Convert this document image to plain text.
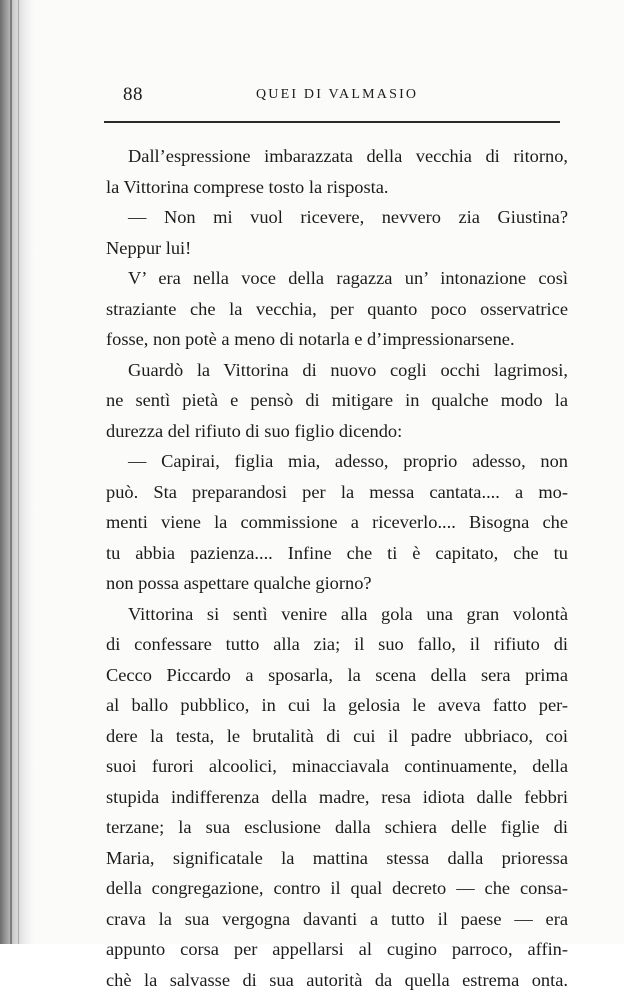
88	QUEI DI VALMASIO
Dall’espressione imbarazzata della vecchia di ritorno,
la Vittorina comprese tosto la risposta.
— Non mi vuol ricevere, nevvero zia Giustina?
Neppur lui!
V’ era nella voce della ragazza un’ intonazione così
straziante che la vecchia, per quanto poco osservatrice
fosse, non potè a meno di notarla e d’impressionarsene.
Guardò la Vittorina di nuovo cogli occhi lagrimosi,
ne sentì pietà e pensò di mitigare in qualche modo la
durezza del rifiuto di suo figlio dicendo:
— Capirai, figlia mia, adesso, proprio adesso, non
può. Sta preparandosi per la messa cantata.... a mo-
menti viene la commissione a riceverlo.... Bisogna che
tu abbia pazienza.... Infine che ti è capitato, che tu
non possa aspettare qualche giorno?
Vittorina si sentì venire alla gola una gran volontà
di confessare tutto alla zia; il suo fallo, il rifiuto di
Cecco Piccardo a sposarla, la scena della sera prima
al ballo pubblico, in cui la gelosia le aveva fatto per-
dere la testa, le brutalità di cui il padre ubbriaco, coi
suoi furori alcoolici, minacciavala continuamente, della
stupida indifferenza della madre, resa idiota dalle febbri
terzane; la sua esclusione dalla schiera delle figlie di
Maria, significatale la mattina stessa dalla prioressa
della congregazione, contro il qual decreto — che consa-
crava la sua vergogna davanti a tutto il paese — era
appunto corsa per appellarsi al cugino parroco, affin-
chè la salvasse di sua autorità da quella estrema onta.
